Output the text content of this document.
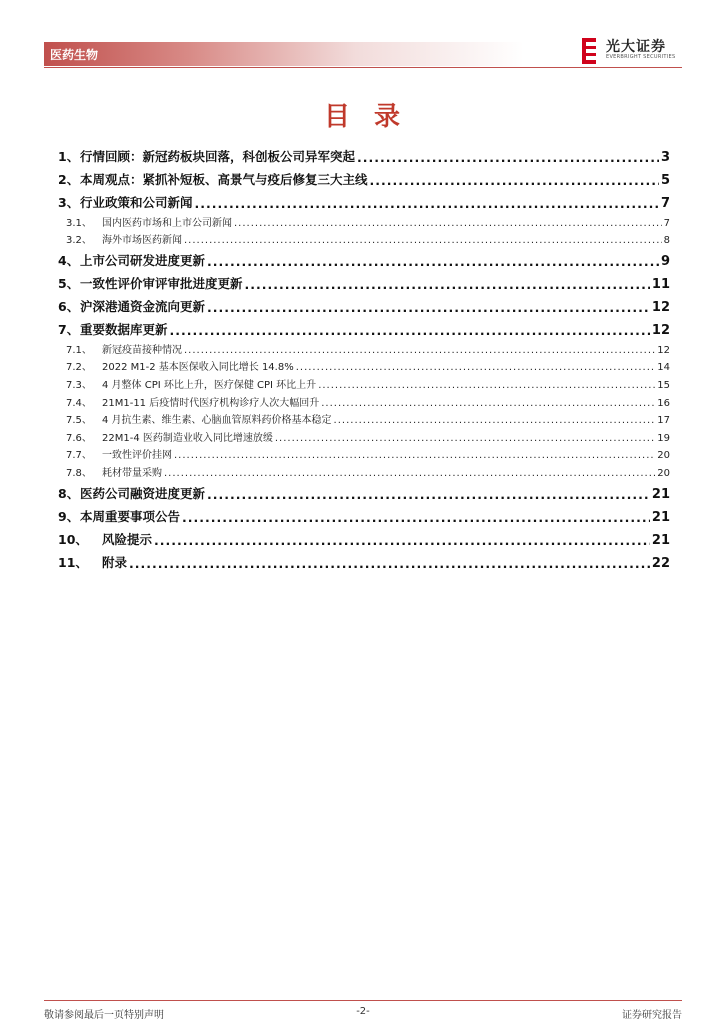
医药生物	光大证券
EVERBRIGHT SECURITIES
目录
1、 行情回顾：新冠药板块回落，科创板公司异军突起 .....	3
2、 本周观点：紧抓补短板、高景气与疫后修复三大主线 .....	5
3、 行业政策和公司新闻 .....	7
3.1、	国内医药市场和上市公司新闻 .....	7
3.2、	海外市场医药新闻 .....	8
4、 上市公司研发进度更新 .....	9
5、 一致性评价审评审批进度更新 .....	11
6、 沪深港通资金流向更新 .....	12
7、 重要数据库更新 .....	12
7.1、	新冠疫苗接种情况 .....	12
7.2、	2022 M1-2 基本医保收入同比增长 14.8% .....	14
7.3、	4 月整体 CPI 环比上升，医疗保健 CPI 环比上升 .....	15
7.4、	21M1-11 后疫情时代医疗机构诊疗人次大幅回升 .....	16
7.5、	4 月抗生素、维生素、心脑血管原料药价格基本稳定 .....	17
7.6、	22M1-4 医药制造业收入同比增速放缓 .....	19
7.7、	一致性评价挂网 .....	20
7.8、	耗材带量采购 .....	20
8、 医药公司融资进度更新 .....	21
9、 本周重要事项公告 .....	21
10、	风险提示 .....	21
11、	附录 .....	22
敬请参阅最后一页特别声明	-2-	证券研究报告
